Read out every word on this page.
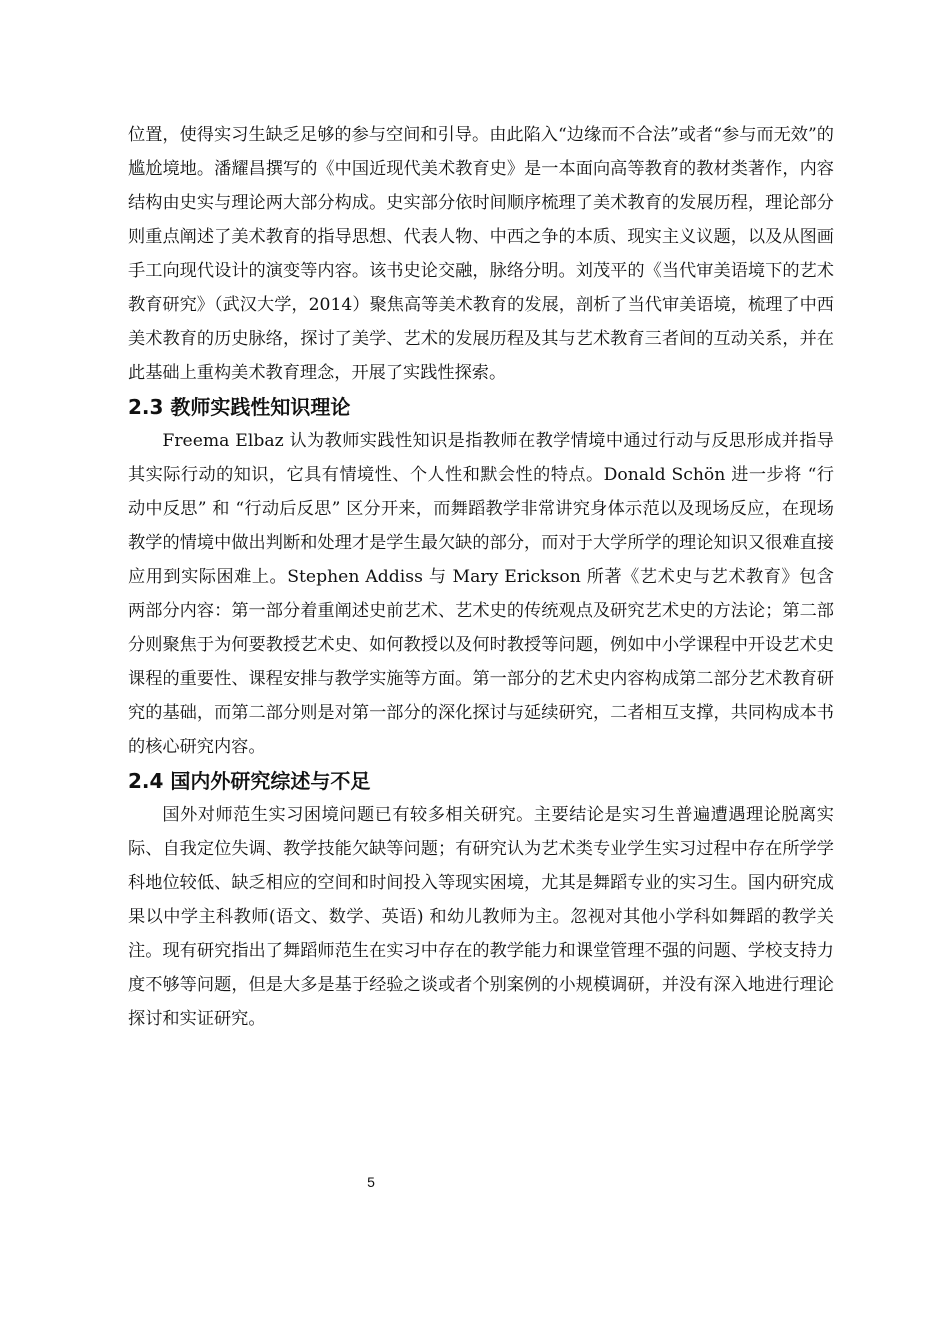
位置，使得实习生缺乏足够的参与空间和引导。由此陷入“边缘而不合法”或者“参与而无效”的尴尬境地。潘耀昌撰写的《中国近现代美术教育史》是一本面向高等教育的教材类著作，内容结构由史实与理论两大部分构成。史实部分依时间顺序梳理了美术教育的发展历程，理论部分则重点阐述了美术教育的指导思想、代表人物、中西之争的本质、现实主义议题，以及从图画手工向现代设计的演变等内容。该书史论交融，脉络分明。刘茂平的《当代审美语境下的艺术教育研究》（武汉大学，2014）聚焦高等美术教育的发展，剖析了当代审美语境，梳理了中西美术教育的历史脉络，探讨了美学、艺术的发展历程及其与艺术教育三者间的互动关系，并在此基础上重构美术教育理念，开展了实践性探索。

2.3 教师实践性知识理论

Freema Elbaz 认为教师实践性知识是指教师在教学情境中通过行动与反思形成并指导其实际行动的知识，它具有情境性、个人性和默会性的特点。Donald Schön 进一步将 “行动中反思” 和 “行动后反思” 区分开来，而舞蹈教学非常讲究身体示范以及现场反应，在现场教学的情境中做出判断和处理才是学生最欠缺的部分，而对于大学所学的理论知识又很难直接应用到实际困难上。Stephen Addiss 与 Mary Erickson 所著《艺术史与艺术教育》包含两部分内容：第一部分着重阐述史前艺术、艺术史的传统观点及研究艺术史的方法论；第二部分则聚焦于为何要教授艺术史、如何教授以及何时教授等问题，例如中小学课程中开设艺术史课程的重要性、课程安排与教学实施等方面。第一部分的艺术史内容构成第二部分艺术教育研究的基础，而第二部分则是对第一部分的深化探讨与延续研究，二者相互支撑，共同构成本书的核心研究内容。

2.4 国内外研究综述与不足

国外对师范生实习困境问题已有较多相关研究。主要结论是实习生普遍遭遇理论脱离实际、自我定位失调、教学技能欠缺等问题；有研究认为艺术类专业学生实习过程中存在所学学科地位较低、缺乏相应的空间和时间投入等现实困境，尤其是舞蹈专业的实习生。国内研究成果以中学主科教师(语文、数学、英语) 和幼儿教师为主。忽视对其他小学科如舞蹈的教学关注。现有研究指出了舞蹈师范生在实习中存在的教学能力和课堂管理不强的问题、学校支持力度不够等问题，但是大多是基于经验之谈或者个别案例的小规模调研，并没有深入地进行理论探讨和实证研究。

5
